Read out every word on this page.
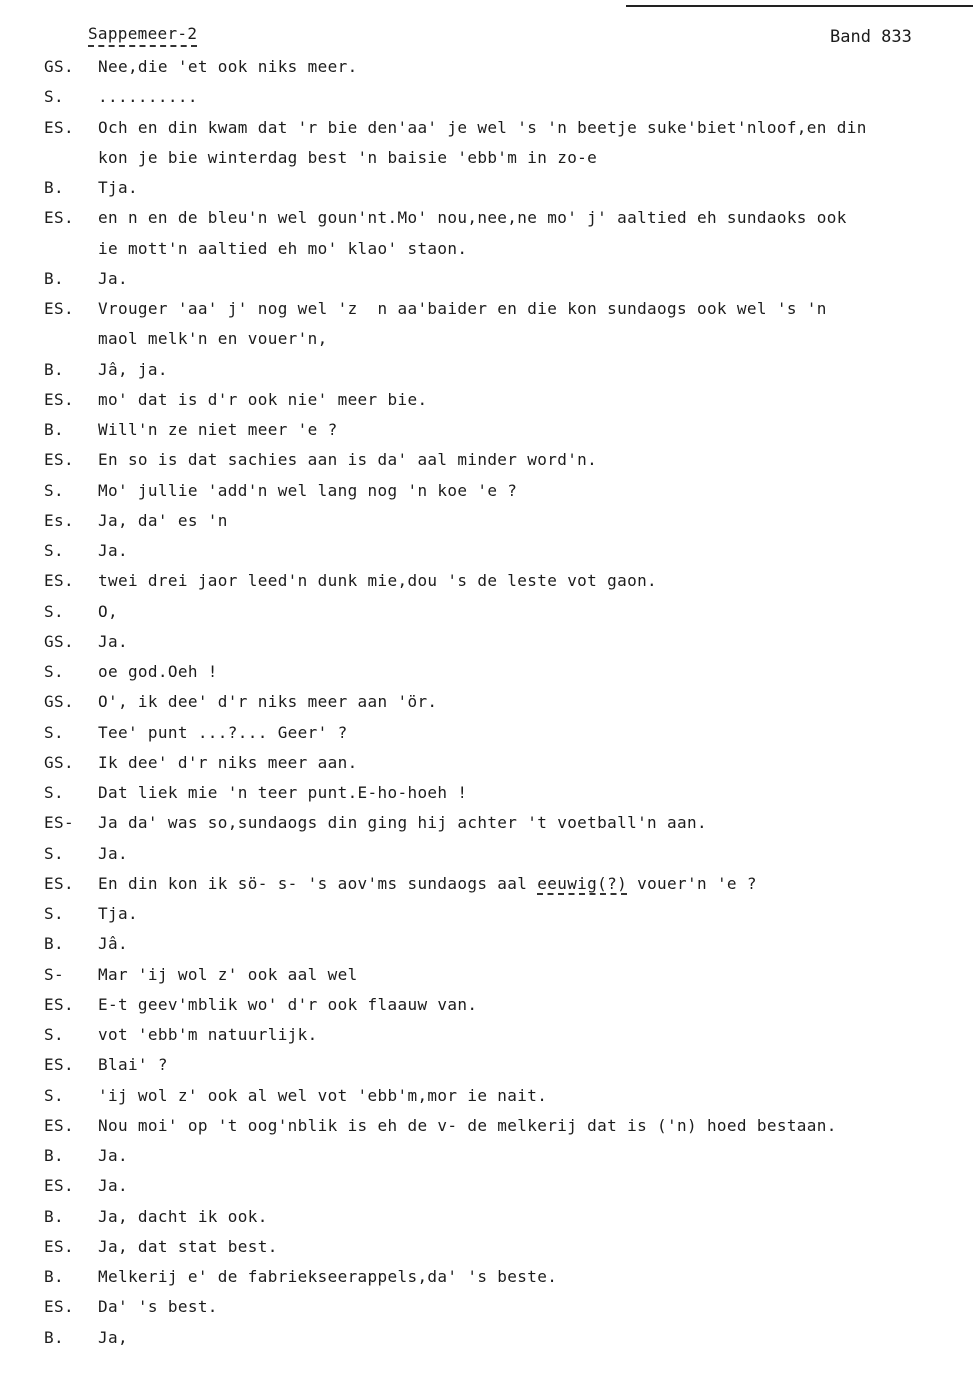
Sappemeer-2	Band 833
GS. Nee,die 'et ook niks meer.
S. ..........
ES. Och en din kwam dat 'r bie den'aa' je wel 's 'n beetje suke'biet'nloof,en din
kon je bie winterdag best 'n baisie 'ebb'm in zo-e
B. Tja.
ES. en n en de bleu'n wel goun'nt.Mo' nou,nee,ne mo' j' aaltied eh sundaoks ook
ie mott'n aaltied eh mo' klao' staon.
B. Ja.
ES. Vrouger 'aa' j' nog wel 'z  n aa'baider en die kon sundaogs ook wel 's 'n
maol melk'n en vouer'n,
B. Jâ, ja.
ES. mo' dat is d'r ook nie' meer bie.
B. Will'n ze niet meer 'e ?
ES. En so is dat sachies aan is da' aal minder word'n.
S. Mo' jullie 'add'n wel lang nog 'n koe 'e ?
Es. Ja, da' es 'n
S. Ja.
ES. twei drei jaor leed'n dunk mie,dou 's de leste vot gaon.
S. O,
GS. Ja.
S. oe god.Oeh !
GS. O', ik dee' d'r niks meer aan 'ör.
S. Tee' punt ...?... Geer' ?
GS. Ik dee' d'r niks meer aan.
S. Dat liek mie 'n teer punt.E-ho-hoeh !
ES- Ja da' was so,sundaogs din ging hij achter 't voetball'n aan.
S. Ja.
ES. En din kon ik sö- s- 's aov'ms sundaogs aal eeuwig(?) vouer'n 'e ?
S. Tja.
B. Jâ.
S- Mar 'ij wol z' ook aal wel
ES. E-t geev'mblik wo' d'r ook flaauw van.
S. vot 'ebb'm natuurlijk.
ES. Blai' ?
S. 'ij wol z' ook al wel vot 'ebb'm,mor ie nait.
ES. Nou moi' op 't oog'nblik is eh de v- de melkerij dat is ('n) hoed bestaan.
B. Ja.
ES. Ja.
B. Ja, dacht ik ook.
ES. Ja, dat stat best.
B. Melkerij e' de fabriekseerappels,da' 's beste.
ES. Da' 's best.
B. Ja,
